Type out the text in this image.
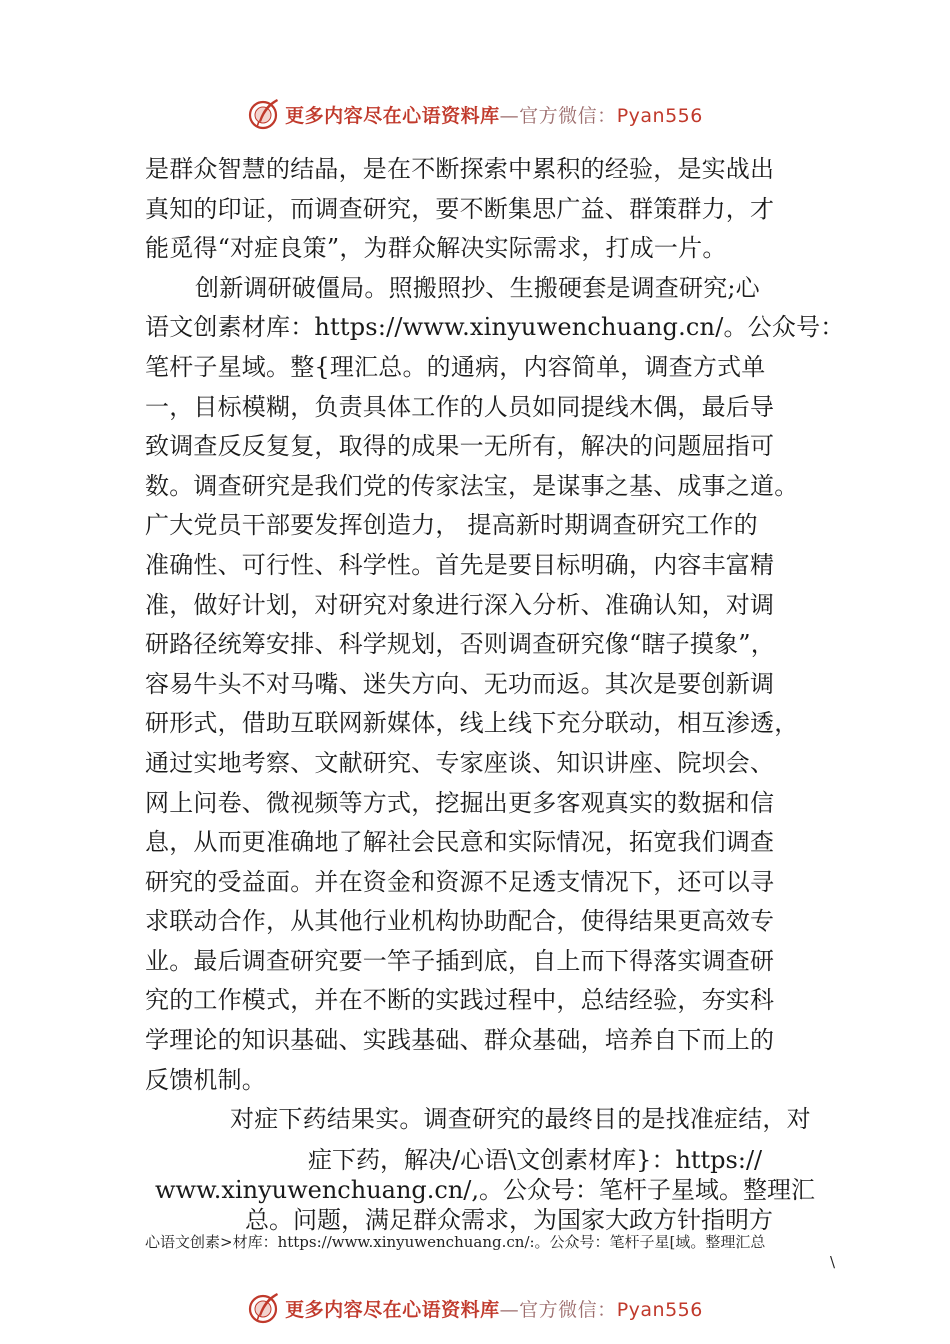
更多内容尽在心语资料库—官方微信：Pyan556
是群众智慧的结晶，是在不断探索中累积的经验，是实战出
真知的印证，而调查研究，要不断集思广益、群策群力，才
能觅得“对症良策”，为群众解决实际需求，打成一片。
创新调研破僵局。照搬照抄、生搬硬套是调查研究;心
语文创素材库：https://www.xinyuwenchuang.cn/。公众号：
笔杆子星域。整{理汇总。的通病，内容简单，调查方式单
一，目标模糊，负责具体工作的人员如同提线木偶，最后导
致调查反反复复，取得的成果一无所有，解决的问题屈指可
数。调查研究是我们党的传家法宝，是谋事之基、成事之道。
广大党员干部要发挥创造力， 提高新时期调查研究工作的
准确性、可行性、科学性。首先是要目标明确，内容丰富精
准，做好计划，对研究对象进行深入分析、准确认知，对调
研路径统筹安排、科学规划，否则调查研究像“瞎子摸象”，
容易牛头不对马嘴、迷失方向、无功而返。其次是要创新调
研形式，借助互联网新媒体，线上线下充分联动，相互渗透，
通过实地考察、文献研究、专家座谈、知识讲座、院坝会、
网上问卷、微视频等方式，挖掘出更多客观真实的数据和信
息，从而更准确地了解社会民意和实际情况，拓宽我们调查
研究的受益面。并在资金和资源不足透支情况下，还可以寻
求联动合作，从其他行业机构协助配合，使得结果更高效专
业。最后调查研究要一竿子插到底，自上而下得落实调查研
究的工作模式，并在不断的实践过程中，总结经验，夯实科
学理论的知识基础、实践基础、群众基础，培养自下而上的
反馈机制。
对症下药结果实。调查研究的最终目的是找准症结，对
症下药，解决/心语\文创素材库}：https://
www.xinyuwenchuang.cn/,。公众号：笔杆子星域。整理汇
总。问题，满足群众需求，为国家大政方针指明方
心语文创素>材库：https://www.xinyuwenchuang.cn/:。公众号：笔杆子星[域。整理汇总
\
更多内容尽在心语资料库—官方微信：Pyan556
